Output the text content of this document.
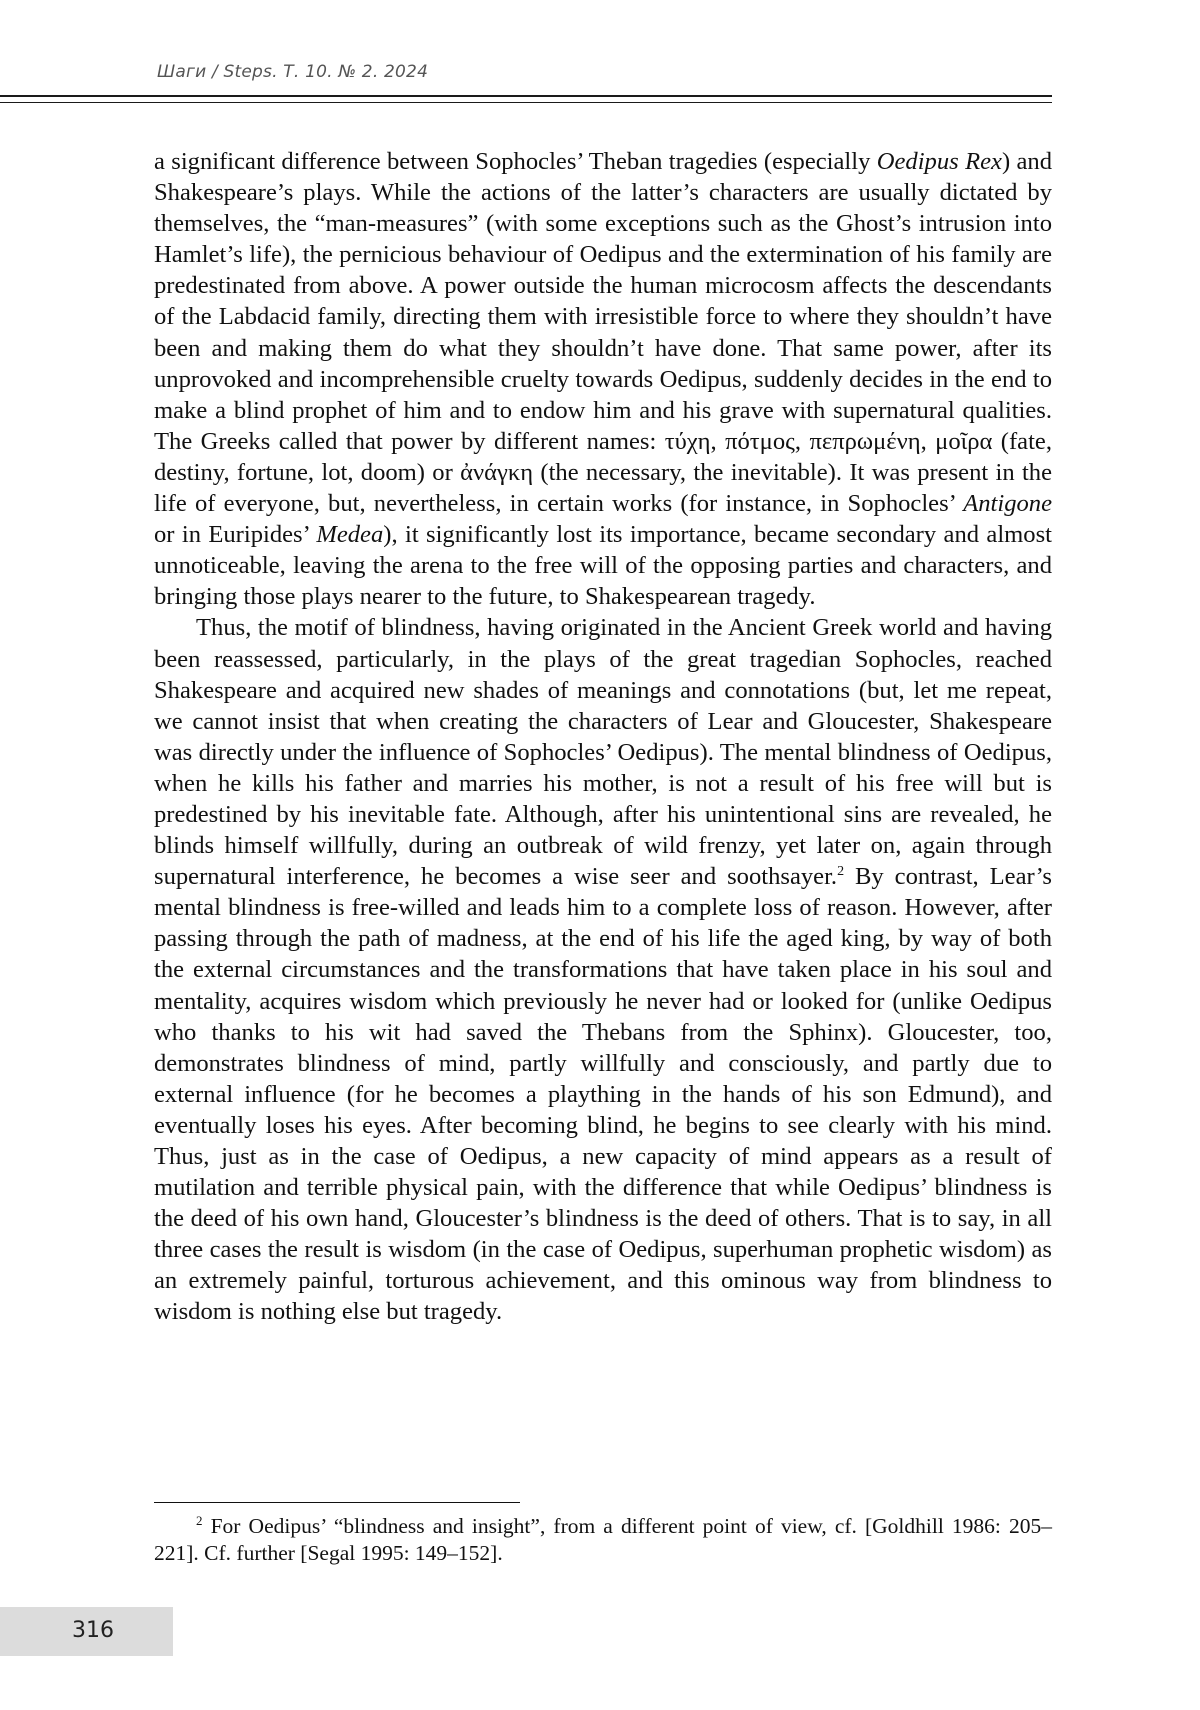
Шаги / Steps. Т. 10. № 2. 2024

a significant difference between Sophocles’ Theban tragedies (especially Oedipus Rex) and Shakespeare’s plays. While the actions of the latter’s characters are usually dictated by themselves, the “man-measures” (with some exceptions such as the Ghost’s intrusion into Hamlet’s life), the pernicious behaviour of Oedipus and the extermination of his family are predestinated from above. A power outside the human microcosm affects the descendants of the Labdacid family, directing them with irresistible force to where they shouldn’t have been and making them do what they shouldn’t have done. That same power, after its unprovoked and incomprehensible cruelty towards Oedipus, suddenly decides in the end to make a blind prophet of him and to endow him and his grave with supernatural qualities. The Greeks called that power by different names: τύχη, πότμος, πεπρωμένη, μοῖρα (fate, destiny, fortune, lot, doom) or ἀνάγκη (the necessary, the inevitable). It was present in the life of everyone, but, nevertheless, in certain works (for instance, in Sophocles’ Antigone or in Euripides’ Medea), it significantly lost its importance, became secondary and almost unnoticeable, leaving the arena to the free will of the opposing parties and characters, and bringing those plays nearer to the future, to Shakespearean tragedy.

Thus, the motif of blindness, having originated in the Ancient Greek world and having been reassessed, particularly, in the plays of the great tragedian Sophocles, reached Shakespeare and acquired new shades of meanings and connotations (but, let me repeat, we cannot insist that when creating the characters of Lear and Gloucester, Shakespeare was directly under the influence of Sophocles’ Oedipus). The mental blindness of Oedipus, when he kills his father and marries his mother, is not a result of his free will but is predestined by his inevitable fate. Although, after his unintentional sins are revealed, he blinds himself willfully, during an outbreak of wild frenzy, yet later on, again through supernatural interference, he becomes a wise seer and soothsayer.$^2$ By contrast, Lear’s mental blindness is free-willed and leads him to a complete loss of reason. However, after passing through the path of madness, at the end of his life the aged king, by way of both the external circumstances and the transformations that have taken place in his soul and mentality, acquires wisdom which previously he never had or looked for (unlike Oedipus who thanks to his wit had saved the Thebans from the Sphinx). Gloucester, too, demonstrates blindness of mind, partly willfully and consciously, and partly due to external influence (for he becomes a plaything in the hands of his son Edmund), and eventually loses his eyes. After becoming blind, he begins to see clearly with his mind. Thus, just as in the case of Oedipus, a new capacity of mind appears as a result of mutilation and terrible physical pain, with the difference that while Oedipus’ blindness is the deed of his own hand, Gloucester’s blindness is the deed of others. That is to say, in all three cases the result is wisdom (in the case of Oedipus, superhuman prophetic wisdom) as an extremely painful, torturous achievement, and this ominous way from blindness to wisdom is nothing else but tragedy.

$^2$ For Oedipus’ “blindness and insight”, from a different point of view, cf. [Goldhill 1986: 205–221]. Cf. further [Segal 1995: 149–152].
316
